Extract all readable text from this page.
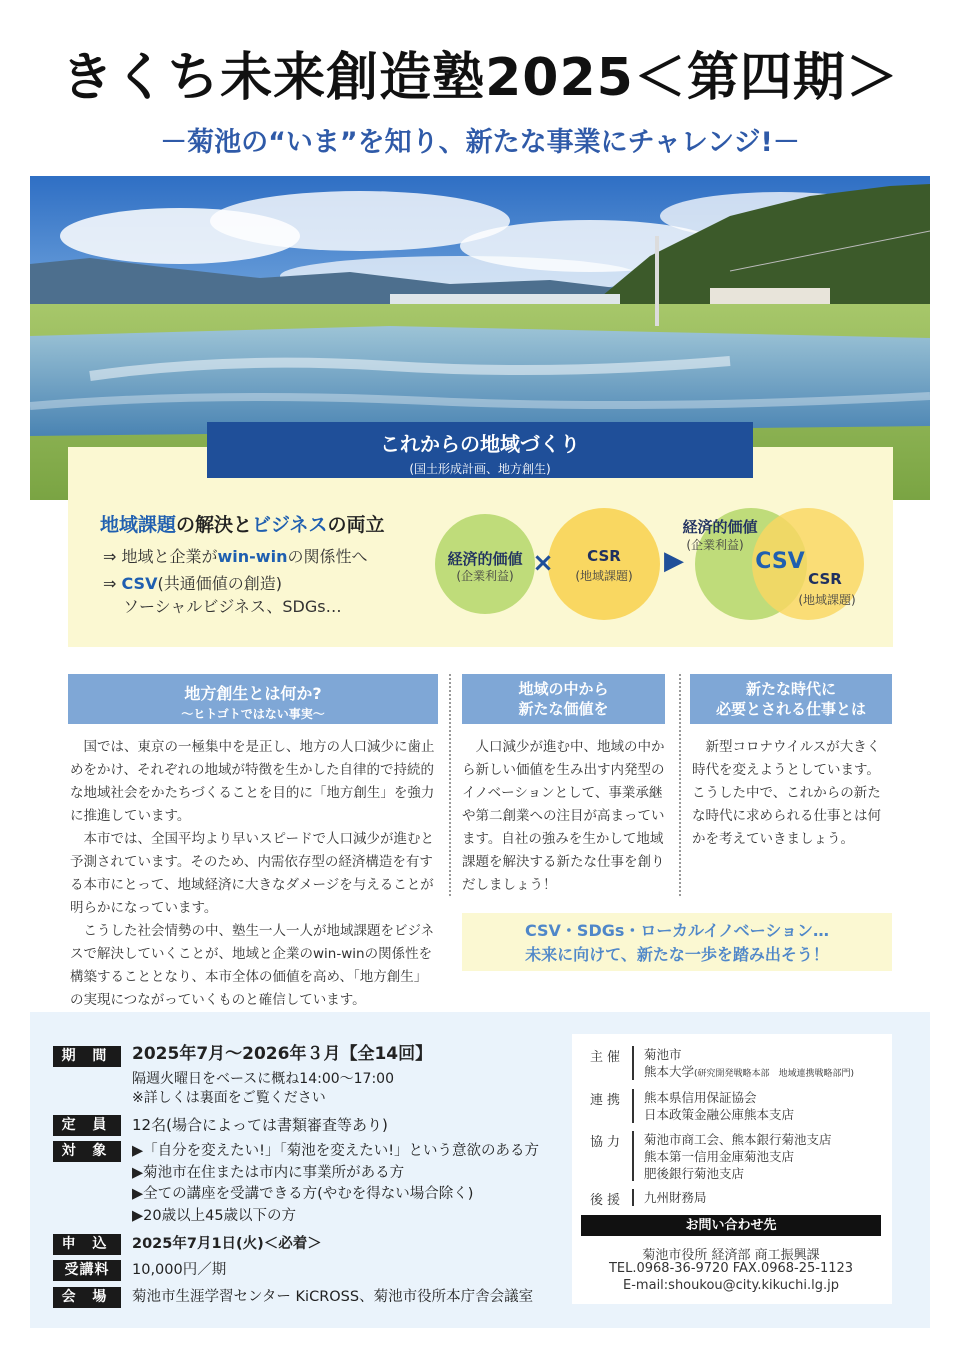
きくち未来創造塾2025＜第四期＞
－菊池の“いま”を知り、新たな事業にチャレンジ!－
これからの地域づくり
(国土形成計画、地方創生)
地域課題の解決とビジネスの両立
⇒ 地域と企業がwin-winの関係性へ
⇒ CSV(共通価値の創造)
ソーシャルビジネス、SDGs…
経済的価値
(企業利益) ×	CSR
(地域課題)	▶
経済的価値
(企業利益)
CSV
CSR
(地域課題)
地方創生とは何か?
～ヒトゴトではない事実～

国では、東京の一極集中を是正し、地方の人口減少に歯止めをかけ、それぞれの地域が特徴を生かした自律的で持続的な地域社会をかたちづくることを目的に「地方創生」を強力に推進しています。

本市では、全国平均より早いスピードで人口減少が進むと予測されています。そのため、内需依存型の経済構造を有する本市にとって、地域経済に大きなダメージを与えることが明らかになっています。

こうした社会情勢の中、塾生一人一人が地域課題をビジネスで解決していくことが、地域と企業のwin-winの関係性を構築することとなり、本市全体の価値を高め、「地方創生」の実現につながっていくものと確信しています。

地域の中から
新たな価値を
人口減少が進む中、地域の中から新しい価値を生み出す内発型のイノベーションとして、事業承継や第二創業への注目が高まっています。自社の強みを生かして地域課題を解決する新たな仕事を創りだしましょう！
新たな時代に
必要とされる仕事とは
新型コロナウイルスが大きく時代を変えようとしています。こうした中で、これからの新たな時代に求められる仕事とは何かを考えていきましょう。
CSV・SDGs・ローカルイノベーション…
未来に向けて、新たな一歩を踏み出そう！
期 間	2025年7月～2026年３月【全14回】
隔週火曜日をベースに概ね14:00～17:00
※詳しくは裏面をご覧ください
定 員	12名(場合によっては書類審査等あり)
対 象	▶「自分を変えたい!」「菊池を変えたい!」という意欲のある方
▶菊池市在住または市内に事業所がある方
▶全ての講座を受講できる方(やむを得ない場合除く)
▶20歳以上45歳以下の方
申 込	2025年7月1日(火)＜必着＞
受講料	10,000円／期
会 場	菊池市生涯学習センター KiCROSS、菊池市役所本庁舎会議室
主催 菊池市
熊本大学(研究開発戦略本部　地域連携戦略部門)
連携 熊本県信用保証協会
日本政策金融公庫熊本支店
協力 菊池市商工会、熊本銀行菊池支店
熊本第一信用金庫菊池支店
肥後銀行菊池支店
後援 九州財務局
お問い合わせ先
菊池市役所 経済部 商工振興課
TEL.0968-36-9720 FAX.0968-25-1123
E-mail:shoukou@city.kikuchi.lg.jp
